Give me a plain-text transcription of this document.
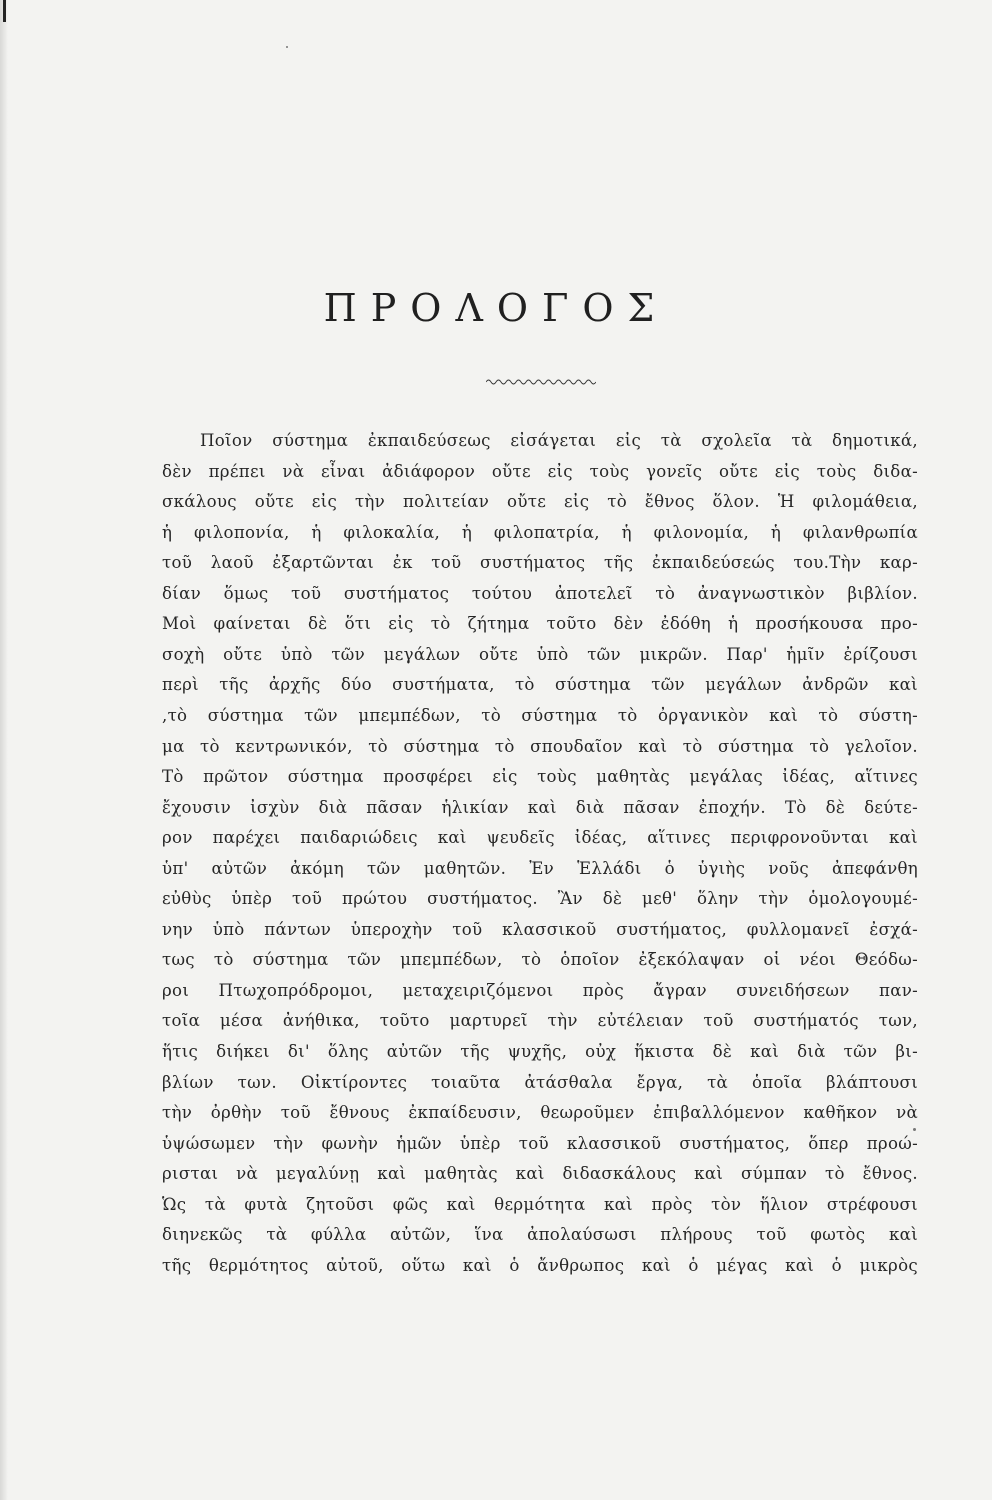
ΠΡΟΛΟΓΟΣ
Ποῖον σύστημα ἐκπαιδεύσεως εἰσάγεται εἰς τὰ σχολεῖα τὰ δημοτικά,
δὲν πρέπει νὰ εἶναι ἀδιάφορον οὔτε εἰς τοὺς γονεῖς οὔτε εἰς τοὺς διδα-
σκάλους οὔτε εἰς τὴν πολιτείαν οὔτε εἰς τὸ ἔθνος ὅλον. Ἡ φιλομάθεια,
ἡ φιλοπονία, ἡ φιλοκαλία, ἡ φιλοπατρία, ἡ φιλονομία, ἡ φιλανθρωπία
τοῦ λαοῦ ἐξαρτῶνται ἐκ τοῦ συστήματος τῆς ἐκπαιδεύσεώς του.Τὴν καρ-
δίαν ὅμως τοῦ συστήματος τούτου ἀποτελεῖ τὸ ἀναγνωστικὸν βιβλίον.
Μοὶ φαίνεται δὲ ὅτι εἰς τὸ ζήτημα τοῦτο δὲν ἐδόθη ἡ προσήκουσα προ-
σοχὴ οὔτε ὑπὸ τῶν μεγάλων οὔτε ὑπὸ τῶν μικρῶν. Παρ' ἡμῖν ἐρίζουσι
περὶ τῆς ἀρχῆς δύο συστήματα, τὸ σύστημα τῶν μεγάλων ἀνδρῶν καὶ
,τὸ σύστημα τῶν μπεμπέδων, τὸ σύστημα τὸ ὀργανικὸν καὶ τὸ σύστη-
μα τὸ κεντρωνικόν, τὸ σύστημα τὸ σπουδαῖον καὶ τὸ σύστημα τὸ γελοῖον.
Τὸ πρῶτον σύστημα προσφέρει εἰς τοὺς μαθητὰς μεγάλας ἰδέας, αἵτινες
ἔχουσιν ἰσχὺν διὰ πᾶσαν ἡλικίαν καὶ διὰ πᾶσαν ἐποχήν. Τὸ δὲ δεύτε-
ρον παρέχει παιδαριώδεις καὶ ψευδεῖς ἰδέας, αἵτινες περιφρονοῦνται καὶ
ὑπ' αὐτῶν ἀκόμη τῶν μαθητῶν. Ἐν Ἑλλάδι ὁ ὑγιὴς νοῦς ἀπεφάνθη
εὐθὺς ὑπὲρ τοῦ πρώτου συστήματος. Ἂν δὲ μεθ' ὅλην τὴν ὁμολογουμέ-
νην ὑπὸ πάντων ὑπεροχὴν τοῦ κλασσικοῦ συστήματος, φυλλομανεῖ ἐσχά-
τως τὸ σύστημα τῶν μπεμπέδων, τὸ ὁποῖον ἐξεκόλαψαν οἱ νέοι Θεόδω-
ροι Πτωχοπρόδρομοι, μεταχειριζόμενοι πρὸς ἄγραν συνειδήσεων παν-
τοῖα μέσα ἀνήθικα, τοῦτο μαρτυρεῖ τὴν εὐτέλειαν τοῦ συστήματός των,
ἥτις διήκει δι' ὅλης αὐτῶν τῆς ψυχῆς, οὐχ ἥκιστα δὲ καὶ διὰ τῶν βι-
βλίων των. Οἰκτίροντες τοιαῦτα ἀτάσθαλα ἔργα, τὰ ὁποῖα βλάπτουσι
τὴν ὀρθὴν τοῦ ἔθνους ἐκπαίδευσιν, θεωροῦμεν ἐπιβαλλόμενον καθῆκον νὰ
ὑψώσωμεν τὴν φωνὴν ἡμῶν ὑπὲρ τοῦ κλασσικοῦ συστήματος, ὅπερ προώ-
ρισται νὰ μεγαλύνῃ καὶ μαθητὰς καὶ διδασκάλους καὶ σύμπαν τὸ ἔθνος.
Ὡς τὰ φυτὰ ζητοῦσι φῶς καὶ θερμότητα καὶ πρὸς τὸν ἥλιον στρέφουσι
διηνεκῶς τὰ φύλλα αὐτῶν, ἵνα ἀπολαύσωσι πλήρους τοῦ φωτὸς καὶ
τῆς θερμότητος αὐτοῦ, οὕτω καὶ ὁ ἄνθρωπος καὶ ὁ μέγας καὶ ὁ μικρὸς
